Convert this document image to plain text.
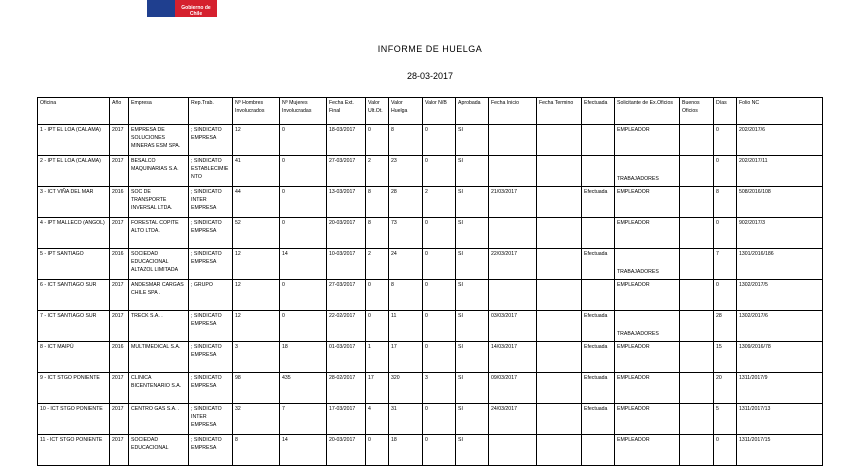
Gobierno de Chile
INFORME DE HUELGA
28-03-2017
Oficina	Año	Empresa	Rep.Trab.	Nº Hombres Involucrados	Nº Mujeres Involucradas	Fecha Ext. Final	Valor Ult.Ot.	Valor Huelga	Valor N/B	Aprobada	Fecha Inicio	Fecha Termino	Efectuada	Solicitante de Ex.Oficios	Buenos Oficios	Días	Folio NC
1 - IPT EL LOA (CALAMA)	2017	EMPRESA DE SOLUCIONES MINERAS ESM SPA.	; SINDICATO EMPRESA	12	0	18-03/2017	0	8	0	SI				EMPLEADOR		0	202/2017/6
2 - IPT EL LOA (CALAMA)	2017	BESALCO MAQUINARIAS S.A.	; SINDICATO ESTABLECIMIENTO	41	0	27-03/2017	2	23	0	SI				TRABAJADORES		0	202/2017/11
3 - ICT VIÑA DEL MAR	2016	SOC DE TRANSPORTE INVERSAL LTDA.	; SINDICATO INTER EMPRESA	44	0	13-03/2017	8	28	2	SI	21/03/2017		Efectuada	EMPLEADOR		8	508/2016/108
4 - IPT MALLECO (ANGOL)	2017	FORESTAL COPITE ALTO LTDA.	; SINDICATO EMPRESA	52	0	20-03/2017	8	73	0	SI				EMPLEADOR		0	902/2017/3
5 - IPT SANTIAGO	2016	SOCIEDAD EDUCACIONAL ALTAZOL LIMITADA	; SINDICATO EMPRESA	12	14	10-03/2017	2	24	0	SI	22/03/2017		Efectuada	TRABAJADORES		7	1301/2016/186
6 - ICT SANTIAGO SUR	2017	ANDESMAR CARGAS CHILE SPA .	; GRUPO	12	0	27-03/2017	0	8	0	SI				EMPLEADOR		0	1302/2017/5
7 - ICT SANTIAGO SUR	2017	TRECK S.A. .	; SINDICATO EMPRESA	12	0	22-02/2017	0	11	0	SI	03/03/2017		Efectuada	TRABAJADORES		28	1302/2017/6
8 - ICT MAIPÚ	2016	MULTIMEDICAL S.A.	; SINDICATO EMPRESA	3	18	01-03/2017	1	17	0	SI	14/03/2017		Efectuada	EMPLEADOR		15	1309/2016/78
9 - ICT STGO PONIENTE	2017	CLINICA BICENTENARIO S.A.	; SINDICATO EMPRESA	98	435	28-02/2017	17	320	3	SI	09/03/2017		Efectuada	EMPLEADOR		20	1311/2017/9
10 - ICT STGO PONIENTE	2017	CENTRO GAS S.A. .	; SINDICATO INTER EMPRESA	32	7	17-03/2017	4	31	0	SI	24/03/2017		Efectuada	EMPLEADOR		5	1311/2017/13
11 - ICT STGO PONIENTE	2017	SOCIEDAD EDUCACIONAL	; SINDICATO EMPRESA	8	14	20-03/2017	0	18	0	SI				EMPLEADOR		0	1311/2017/15
